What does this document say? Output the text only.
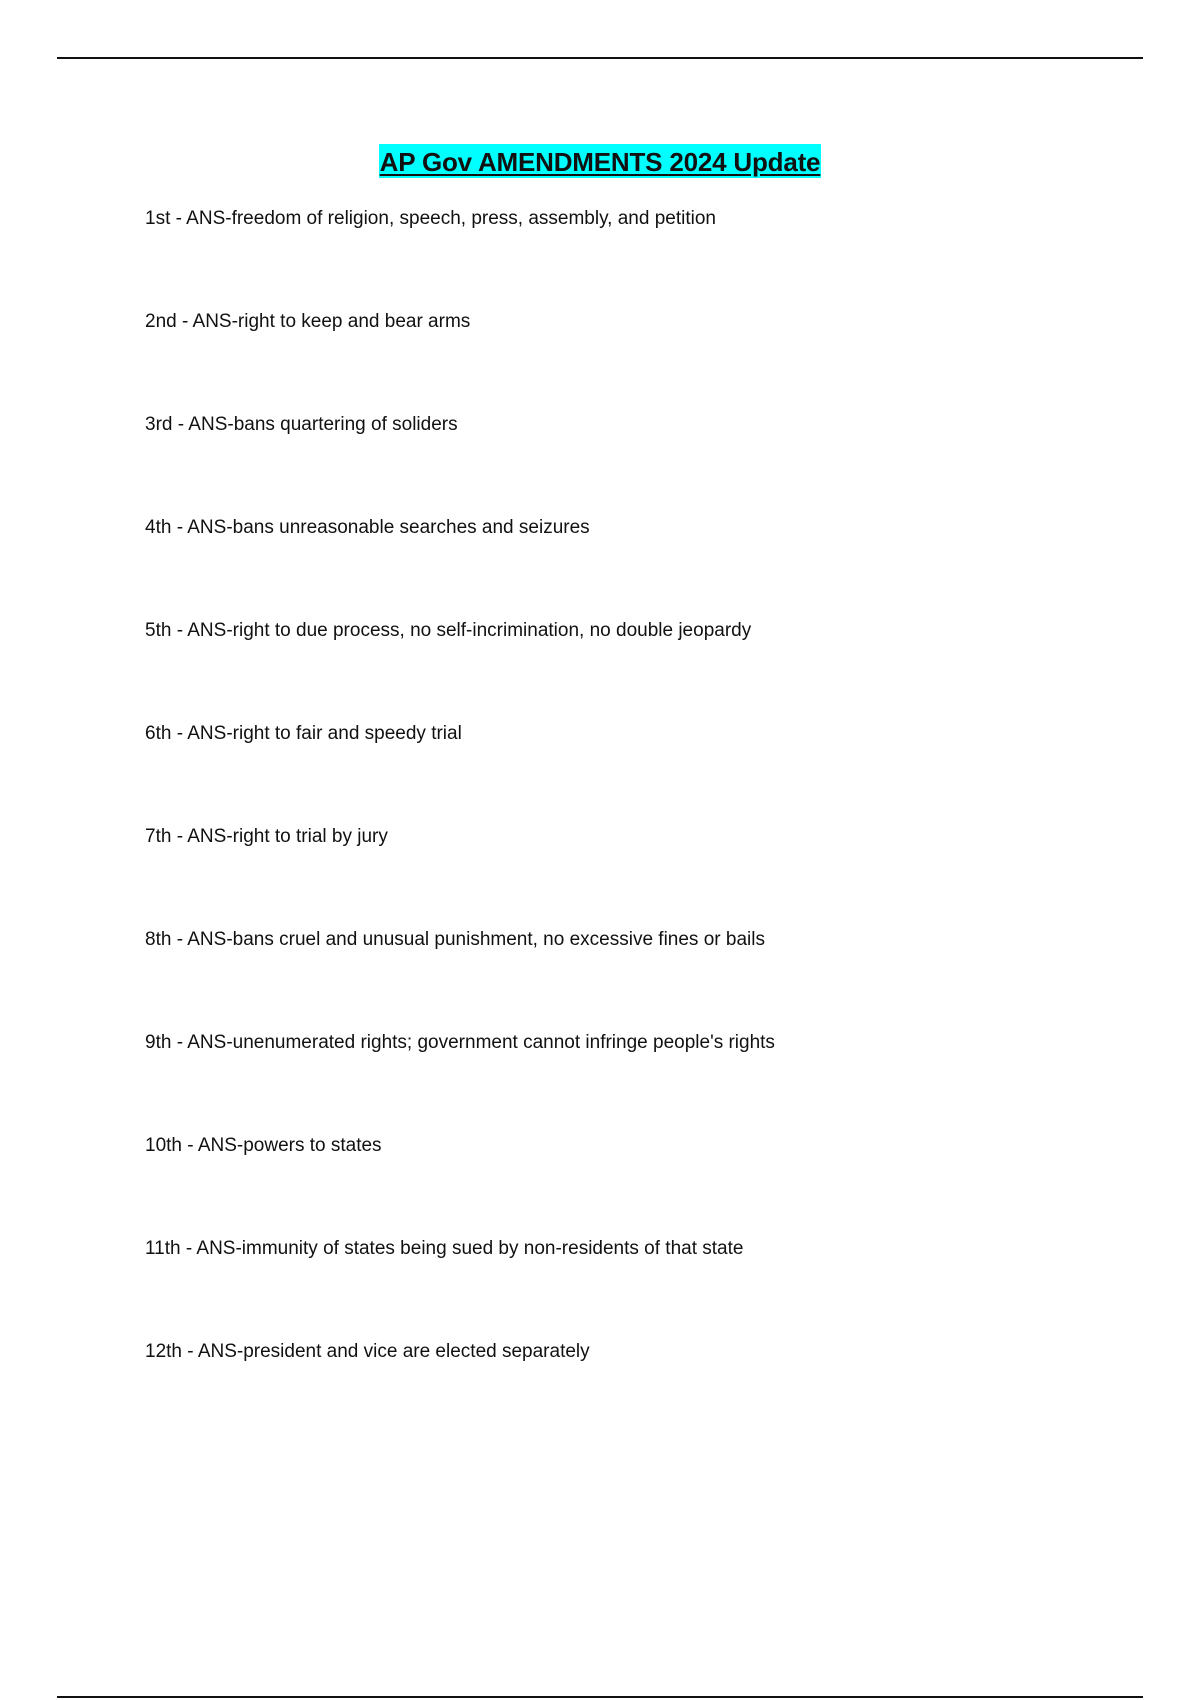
AP Gov AMENDMENTS 2024 Update
1st - ANS-freedom of religion, speech, press, assembly, and petition
2nd - ANS-right to keep and bear arms
3rd - ANS-bans quartering of soliders
4th - ANS-bans unreasonable searches and seizures
5th - ANS-right to due process, no self-incrimination, no double jeopardy
6th - ANS-right to fair and speedy trial
7th - ANS-right to trial by jury
8th - ANS-bans cruel and unusual punishment, no excessive fines or bails
9th - ANS-unenumerated rights; government cannot infringe people's rights
10th - ANS-powers to states
11th - ANS-immunity of states being sued by non-residents of that state
12th - ANS-president and vice are elected separately
